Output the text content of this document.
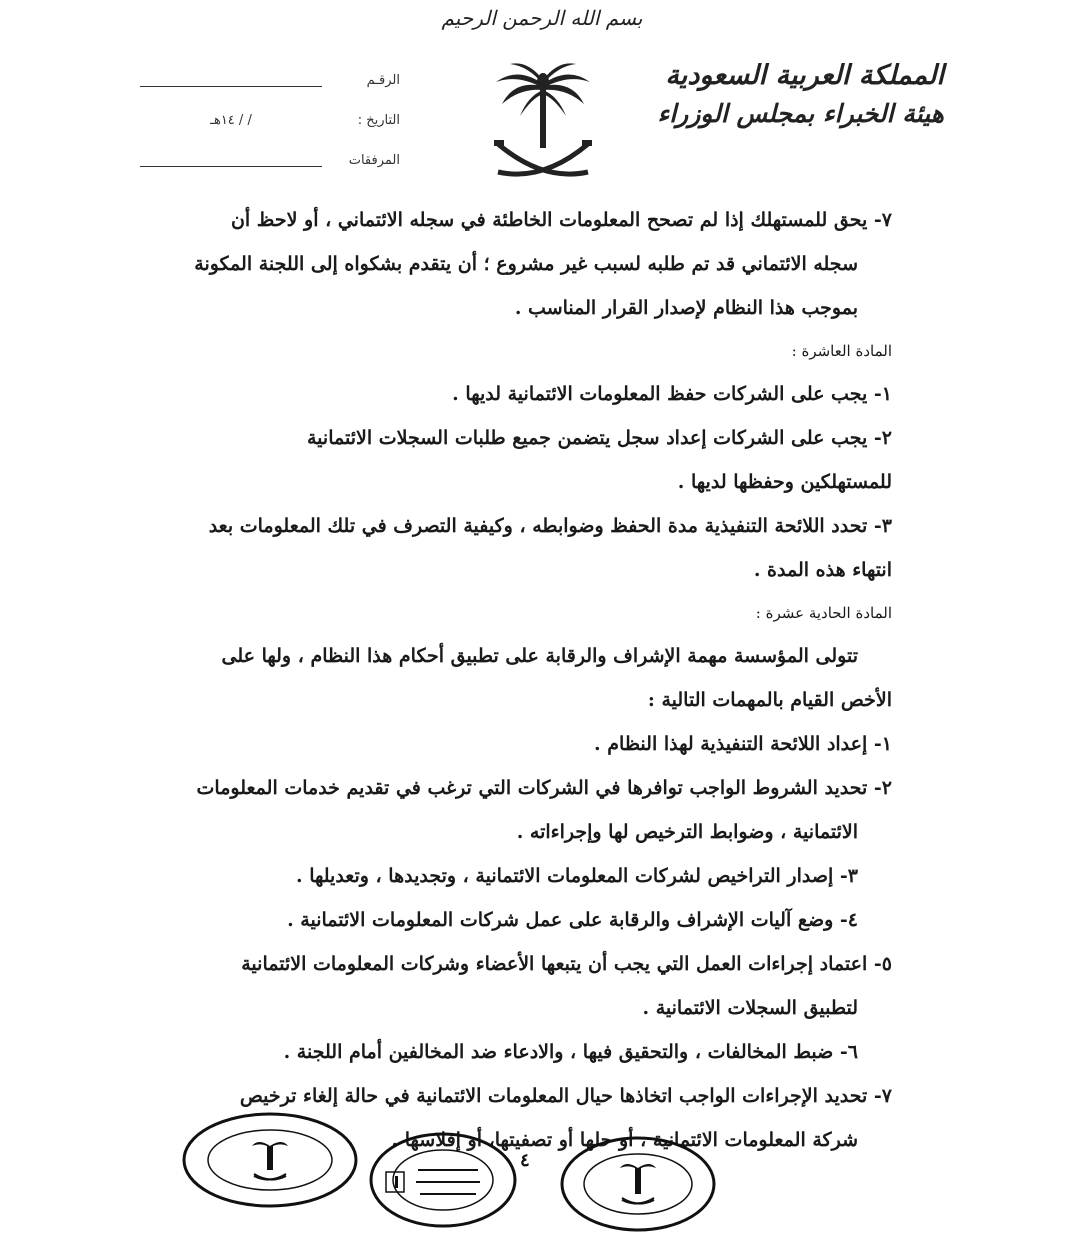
بسم الله الرحمن الرحيم
المملكة العربية السعودية
هيئة الخبراء بمجلس الوزراء
الرقـم
التاريخ :
/ / ١٤هـ
المرفقات
٧- يحق للمستهلك إذا لم تصحح المعلومات الخاطئة في سجله الائتماني ، أو لاحظ أن
سجله الائتماني قد تم طلبه لسبب غير مشروع ؛ أن يتقدم بشكواه إلى اللجنة المكونة
بموجب هذا النظام لإصدار القرار المناسب .
المادة العاشرة :
١- يجب على الشركات حفظ المعلومات الائتمانية لديها .
٢- يجب على الشركات إعداد سجل يتضمن جميع طلبات السجلات الائتمانية
للمستهلكين وحفظها لديها .
٣- تحدد اللائحة التنفيذية مدة الحفظ وضوابطه ، وكيفية التصرف في تلك المعلومات بعد
انتهاء هذه المدة .
المادة الحادية عشرة :
تتولى المؤسسة مهمة الإشراف والرقابة على تطبيق أحكام هذا النظام ، ولها على
الأخص القيام بالمهمات التالية :
١- إعداد اللائحة التنفيذية لهذا النظام .
٢- تحديد الشروط الواجب توافرها في الشركات التي ترغب في تقديم خدمات المعلومات
الائتمانية ، وضوابط الترخيص لها وإجراءاته .
٣- إصدار التراخيص لشركات المعلومات الائتمانية ، وتجديدها ، وتعديلها .
٤- وضع آليات الإشراف والرقابة على عمل شركات المعلومات الائتمانية .
٥- اعتماد إجراءات العمل التي يجب أن يتبعها الأعضاء وشركات المعلومات الائتمانية
لتطبيق السجلات الائتمانية .
٦- ضبط المخالفات ، والتحقيق فيها ، والادعاء ضد المخالفين أمام اللجنة .
٧- تحديد الإجراءات الواجب اتخاذها حيال المعلومات الائتمانية في حالة إلغاء ترخيص
شركة المعلومات الائتمانية ، أو حلها أو تصفيتها، أو إفلاسها .
٤
